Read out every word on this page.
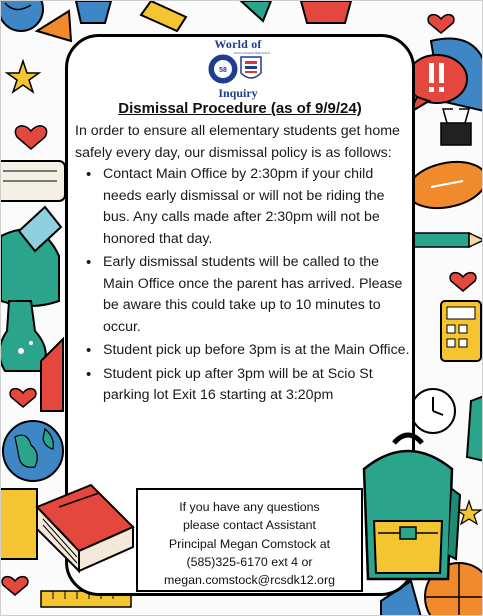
World of
58
World of Inquiry High School
Inquiry
Dismissal Procedure (as of 9/9/24)

In order to ensure all elementary students get home safely every day, our dismissal policy is as follows:

• Contact Main Office by 2:30pm if your child needs early dismissal or will not be riding the bus. Any calls made after 2:30pm will not be honored that day.
• Early dismissal students will be called to the Main Office once the parent has arrived. Please be aware this could take up to 10 minutes to occur.
• Student pick up before 3pm is at the Main Office.
• Student pick up after 3pm will be at Scio St parking lot Exit 16 starting at 3:20pm
If you have any questions
please contact Assistant
Principal Megan Comstock at
(585)325-6170 ext 4 or
megan.comstock@rcsdk12.org
